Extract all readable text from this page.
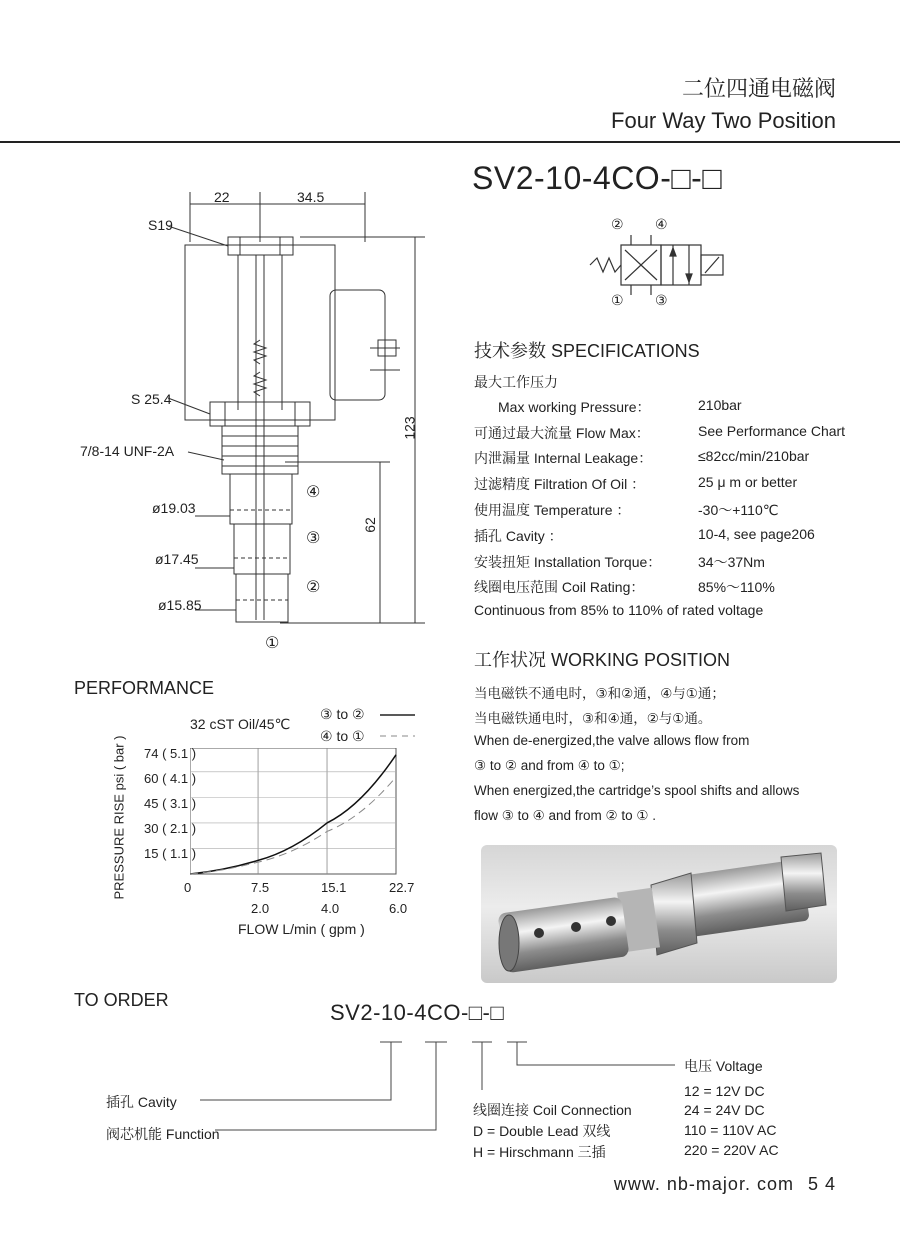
二位四通电磁阀
Four Way Two Position
SV2-10-4CO-□-□
22	34.5
S19
S 25.4
7/8-14 UNF-2A
ø19.03
ø17.45
ø15.85
123
62
④
③
②
①
② ④
① ③
技术参数 SPECIFICATIONS
最大工作压力
Max working Pressure：	210bar
可通过最大流量 Flow Max：	See Performance Chart
内泄漏量 Internal Leakage：	≤82cc/min/210bar
过滤精度 Filtration Of Oil ：	25 μ m or better
使用温度 Temperature ：	-30～+110℃
插孔 Cavity ：	10-4, see page206
安装扭矩 Installation Torque：	34～37Nm
线圈电压范围 Coil Rating：	85%～110%
Continuous from 85% to 110% of rated voltage
工作状况 WORKING POSITION
当电磁铁不通电时，③和②通，④与①通；
当电磁铁通电时，③和④通，②与①通。
When de-energized,the valve allows flow from
③ to ② and from ④ to ①;
When energized,the cartridge’s spool shifts and allows
flow ③ to ④ and from ② to ① .
PERFORMANCE
32 cST Oil/45℃
③ to ②
④ to ①
74 ( 5.1 )
60 ( 4.1 )
45 ( 3.1 )
30 ( 2.1 )
15 ( 1.1 )
PRESSURE RISE psi ( bar )	0	7.5	15.1	22.7
2.0	4.0	6.0
FLOW L/min ( gpm )
TO ORDER	SV2-10-4CO-□-□
插孔 Cavity
阀芯机能 Function
线圈连接 Coil Connection
D = Double Lead 双线
H = Hirschmann 三插
电压 Voltage
12 = 12V DC
24 = 24V DC
110 = 110V AC
220 = 220V AC
www. nb-major. com 5 4
